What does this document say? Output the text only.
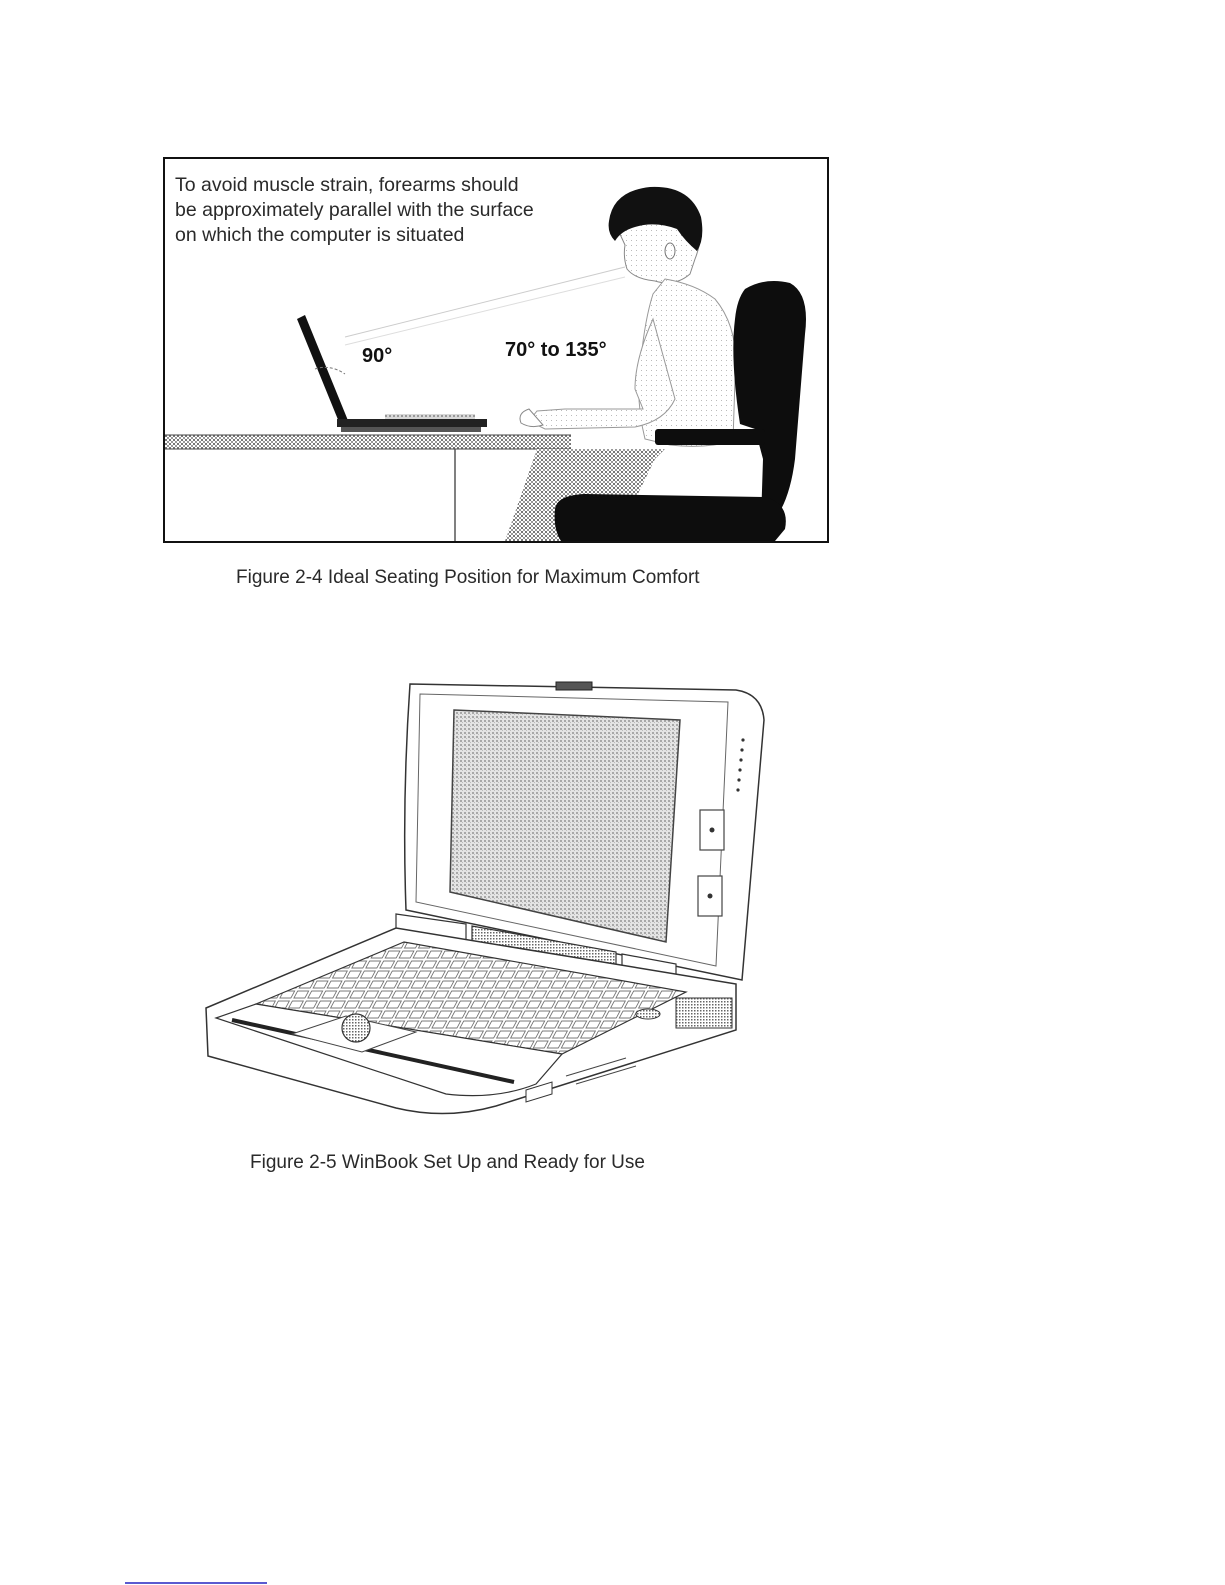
To avoid muscle strain, forearms should
be approximately parallel with the surface
on which the computer is situated
90°	70° to 135°
Figure 2-4 Ideal Seating Position for Maximum Comfort
Figure 2-5 WinBook Set Up and Ready for Use
